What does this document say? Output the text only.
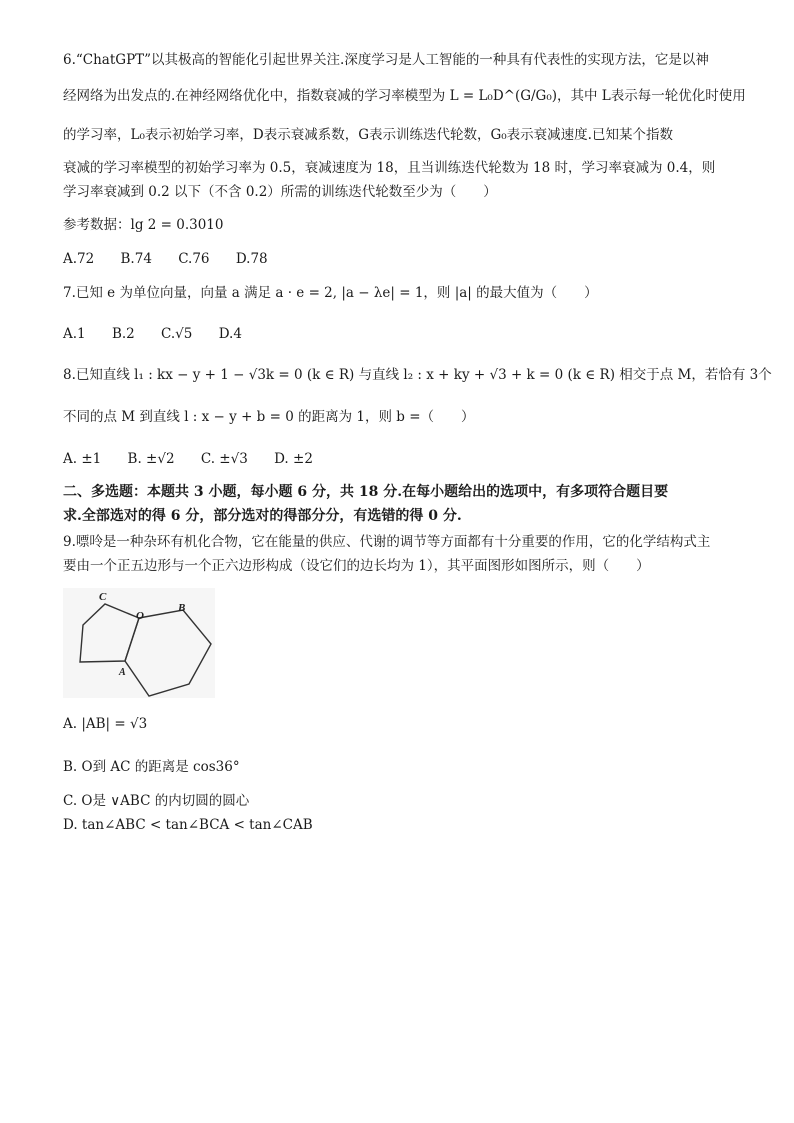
6.“ChatGPT”以其极高的智能化引起世界关注.深度学习是人工智能的一种具有代表性的实现方法，它是以神
经网络为出发点的.在神经网络优化中，指数衰减的学习率模型为 L = L₀D^(G/G₀)，其中 L表示每一轮优化时使用
的学习率，L₀表示初始学习率，D表示衰减系数，G表示训练迭代轮数，G₀表示衰减速度.已知某个指数
衰减的学习率模型的初始学习率为 0.5，衰减速度为 18，且当训练迭代轮数为 18 时，学习率衰减为 0.4，则
学习率衰减到 0.2 以下（不含 0.2）所需的训练迭代轮数至少为（　　）
参考数据：lg 2 = 0.3010
A.72 B.74 C.76 D.78
7.已知 e 为单位向量，向量 a 满足 a · e = 2, |a − λe| = 1，则 |a| 的最大值为（　　）
A.1 B.2 C.√5 D.4
8.已知直线 l₁ : kx − y + 1 − √3k = 0 (k ∈ R) 与直线 l₂ : x + ky + √3 + k = 0 (k ∈ R) 相交于点 M，若恰有 3个
不同的点 M 到直线 l : x − y + b = 0 的距离为 1，则 b =（　　）
A. ±1 B. ±√2 C. ±√3 D. ±2
二、多选题：本题共 3 小题，每小题 6 分，共 18 分.在每小题给出的选项中，有多项符合题目要
求.全部选对的得 6 分，部分选对的得部分分，有选错的得 0 分.
9.嘌呤是一种杂环有机化合物，它在能量的供应、代谢的调节等方面都有十分重要的作用，它的化学结构式主
要由一个正五边形与一个正六边形构成（设它们的边长均为 1），其平面图形如图所示，则（　　）
C
O
B
A
A. |AB| = √3
B. O到 AC 的距离是 cos36°
C. O是 ∨ABC 的内切圆的圆心
D. tan∠ABC < tan∠BCA < tan∠CAB
